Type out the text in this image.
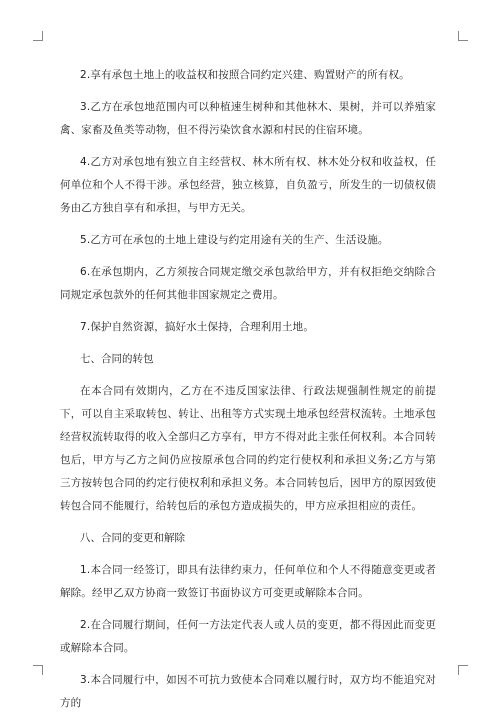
2.享有承包土地上的收益权和按照合同约定兴建、购置财产的所有权。

3.乙方在承包地范围内可以种植速生树种和其他林木、果树，并可以养殖家禽、家畜及鱼类等动物，但不得污染饮食水源和村民的住宿环境。

4.乙方对承包地有独立自主经营权、林木所有权、林木处分权和收益权，任何单位和个人不得干涉。承包经营，独立核算，自负盈亏，所发生的一切债权债务由乙方独自享有和承担，与甲方无关。

5.乙方可在承包的土地上建设与约定用途有关的生产、生活设施。

6.在承包期内，乙方须按合同规定缴交承包款给甲方，并有权拒绝交纳除合同规定承包款外的任何其他非国家规定之费用。

7.保护自然资源，搞好水土保持，合理利用土地。

七、合同的转包

在本合同有效期内，乙方在不违反国家法律、行政法规强制性规定的前提下，可以自主采取转包、转让、出租等方式实现土地承包经营权流转。土地承包经营权流转取得的收入全部归乙方享有，甲方不得对此主张任何权利。本合同转包后，甲方与乙方之间仍应按原承包合同的约定行使权利和承担义务;乙方与第三方按转包合同的约定行使权利和承担义务。本合同转包后，因甲方的原因致使转包合同不能履行，给转包后的承包方造成损失的，甲方应承担相应的责任。

八、合同的变更和解除

1.本合同一经签订，即具有法律约束力，任何单位和个人不得随意变更或者解除。经甲乙双方协商一致签订书面协议方可变更或解除本合同。

2.在合同履行期间，任何一方法定代表人或人员的变更，都不得因此而变更或解除本合同。

3.本合同履行中，如因不可抗力致使本合同难以履行时，双方均不能追究对方的
